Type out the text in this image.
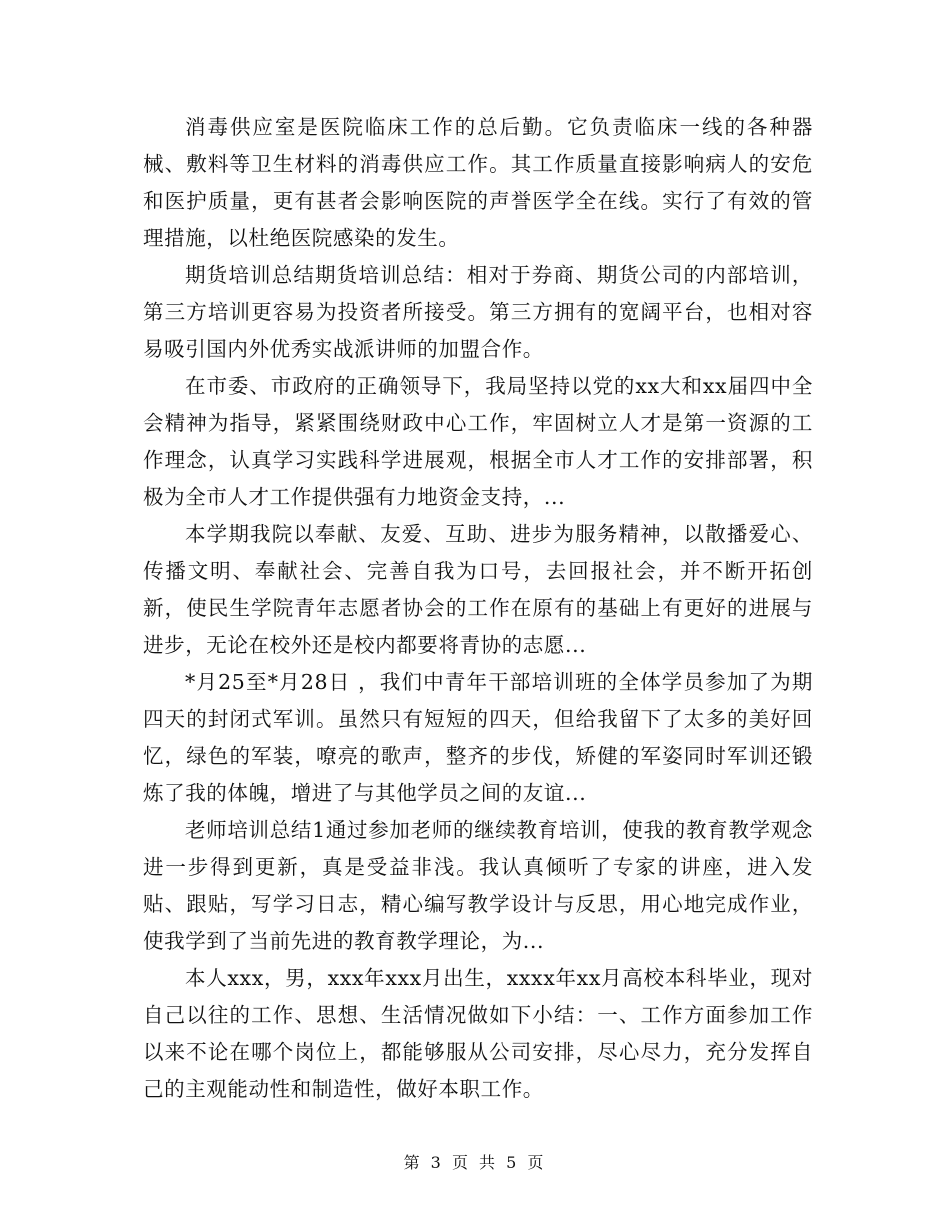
消毒供应室是医院临床工作的总后勤。它负责临床一线的各种器械、敷料等卫生材料的消毒供应工作。其工作质量直接影响病人的安危和医护质量，更有甚者会影响医院的声誉医学全在线。实行了有效的管理措施，以杜绝医院感染的发生。

期货培训总结期货培训总结：相对于券商、期货公司的内部培训，第三方培训更容易为投资者所接受。第三方拥有的宽阔平台，也相对容易吸引国内外优秀实战派讲师的加盟合作。

在市委、市政府的正确领导下，我局坚持以党的xx大和xx届四中全会精神为指导，紧紧围绕财政中心工作，牢固树立人才是第一资源的工作理念，认真学习实践科学进展观，根据全市人才工作的安排部署，积极为全市人才工作提供强有力地资金支持，...

本学期我院以奉献、友爱、互助、进步为服务精神，以散播爱心、传播文明、奉献社会、完善自我为口号，去回报社会，并不断开拓创新，使民生学院青年志愿者协会的工作在原有的基础上有更好的进展与进步，无论在校外还是校内都要将青协的志愿...

*月25至*月28日 ，我们中青年干部培训班的全体学员参加了为期四天的封闭式军训。虽然只有短短的四天，但给我留下了太多的美好回忆，绿色的军装，嘹亮的歌声，整齐的步伐，矫健的军姿同时军训还锻炼了我的体魄，增进了与其他学员之间的友谊...

老师培训总结1通过参加老师的继续教育培训，使我的教育教学观念进一步得到更新，真是受益非浅。我认真倾听了专家的讲座，进入发贴、跟贴，写学习日志，精心编写教学设计与反思，用心地完成作业，使我学到了当前先进的教育教学理论，为...

本人xxx，男，xxx年xxx月出生，xxxx年xx月高校本科毕业，现对自己以往的工作、思想、生活情况做如下小结：一、工作方面参加工作以来不论在哪个岗位上，都能够服从公司安排，尽心尽力，充分发挥自己的主观能动性和制造性，做好本职工作。

第 3 页 共 5 页
